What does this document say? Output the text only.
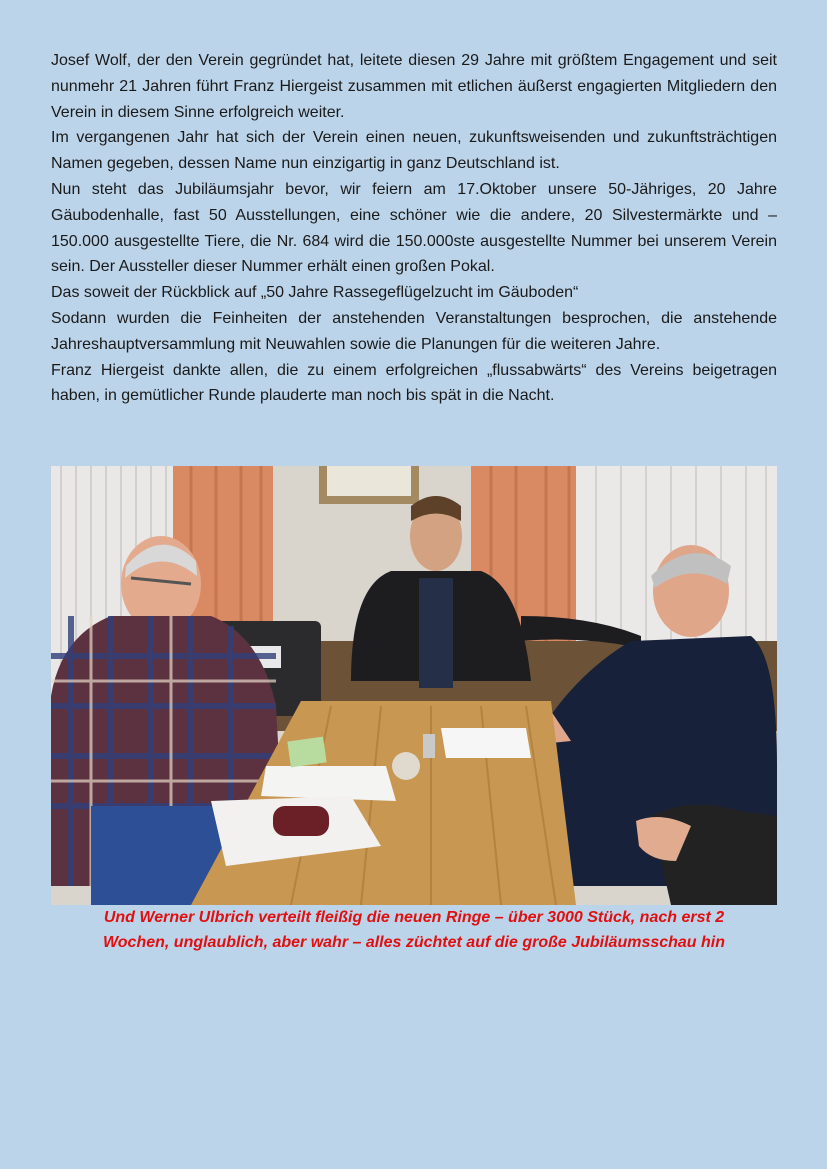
Josef Wolf, der den Verein gegründet hat, leitete diesen 29 Jahre mit größtem Engagement und seit nunmehr 21 Jahren führt Franz Hiergeist zusammen mit etlichen äußerst engagierten Mitgliedern den Verein in diesem Sinne erfolgreich weiter.

Im vergangenen Jahr hat sich der Verein einen neuen, zukunftsweisenden und zukunftsträchtigen Namen gegeben, dessen Name nun einzigartig in ganz Deutschland ist.

Nun steht das Jubiläumsjahr bevor, wir feiern am 17.Oktober unsere 50-Jähriges, 20 Jahre Gäubodenhalle, fast 50 Ausstellungen, eine schöner wie die andere, 20 Silvestermärkte und – 150.000 ausgestellte Tiere, die Nr. 684 wird die 150.000ste ausgestellte Nummer bei unserem Verein sein. Der Aussteller dieser Nummer erhält einen großen Pokal.

Das soweit der Rückblick auf „50 Jahre Rassegeflügelzucht im Gäuboden“

Sodann wurden die Feinheiten der anstehenden Veranstaltungen besprochen, die anstehende Jahreshauptversammlung mit Neuwahlen sowie die Planungen für die weiteren Jahre.

Franz Hiergeist dankte allen, die zu einem erfolgreichen „flussabwärts“ des Vereins beigetragen haben, in gemütlicher Runde plauderte man noch bis spät in die Nacht.

Und Werner Ulbrich verteilt fleißig die neuen Ringe – über 3000 Stück, nach erst 2
Wochen, unglaublich, aber wahr – alles züchtet auf die große Jubiläumsschau hin
